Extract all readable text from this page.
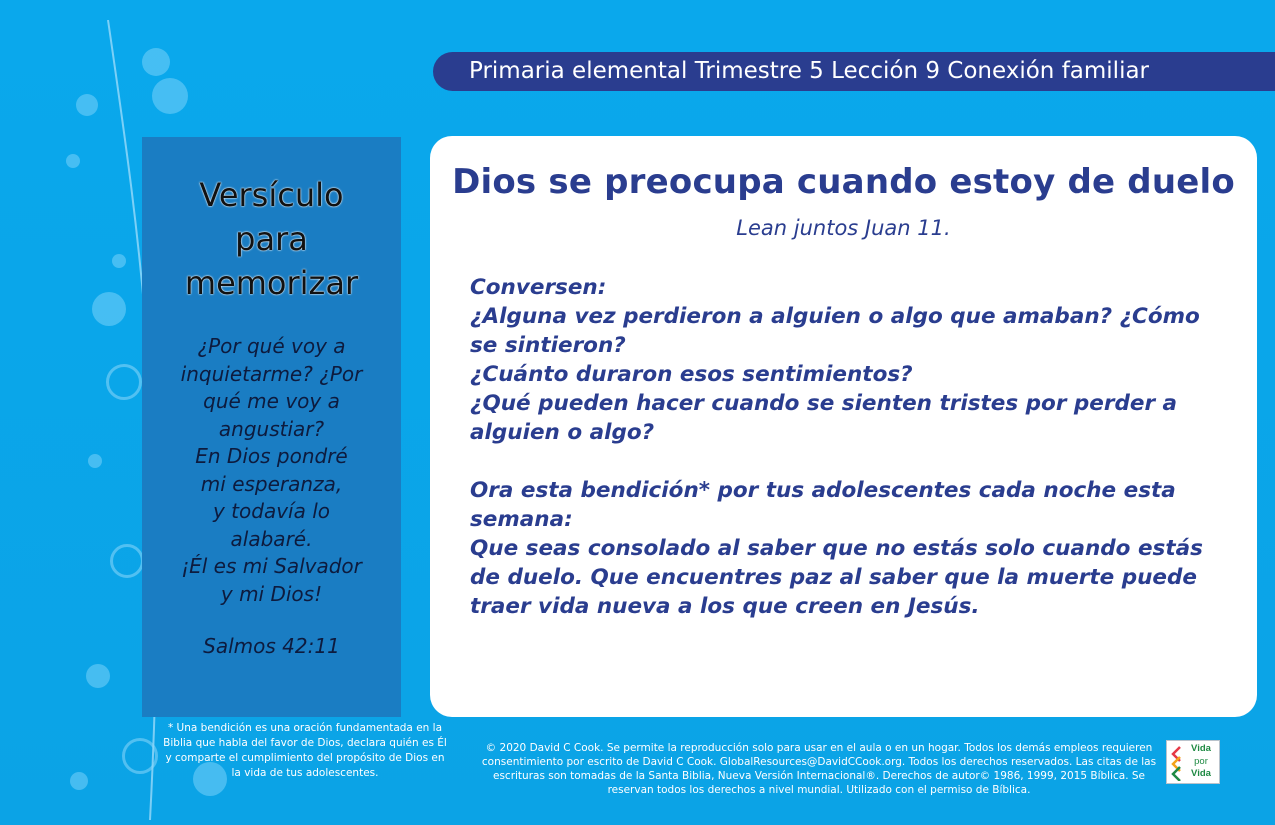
Primaria elemental Trimestre 5 Lección 9 Conexión familiar
Versículo
para
memorizar
¿Por qué voy a
inquietarme? ¿Por
qué me voy a
angustiar?
En Dios pondré
mi esperanza,
y todavía lo
alabaré.
¡Él es mi Salvador
y mi Dios!
Salmos 42:11
Dios se preocupa cuando estoy de duelo
Lean juntos Juan 11.

Conversen:

¿Alguna vez perdieron a alguien o algo que amaban? ¿Cómo se sintieron?

¿Cuánto duraron esos sentimientos?

¿Qué pueden hacer cuando se sienten tristes por perder a alguien o algo?

Ora esta bendición* por tus adolescentes cada noche esta semana:

Que seas consolado al saber que no estás solo cuando estás de duelo. Que encuentres paz al saber que la muerte puede traer vida nueva a los que creen en Jesús.

* Una bendición es una oración fundamentada en la Biblia que habla del favor de Dios, declara quién es Él y comparte el cumplimiento del propósito de Dios en la vida de tus adolescentes.
© 2020 David C Cook. Se permite la reproducción solo para usar en el aula o en un hogar. Todos los demás empleos requieren consentimiento por escrito de David C Cook. GlobalResources@DavidCCook.org. Todos los derechos reservados. Las citas de las escrituras son tomadas de la Santa Biblia, Nueva Versión Internacional®. Derechos de autor© 1986, 1999, 2015 Bíblica. Se reservan todos los derechos a nivel mundial. Utilizado con el permiso de Bíblica.
Vida
por
Vida
